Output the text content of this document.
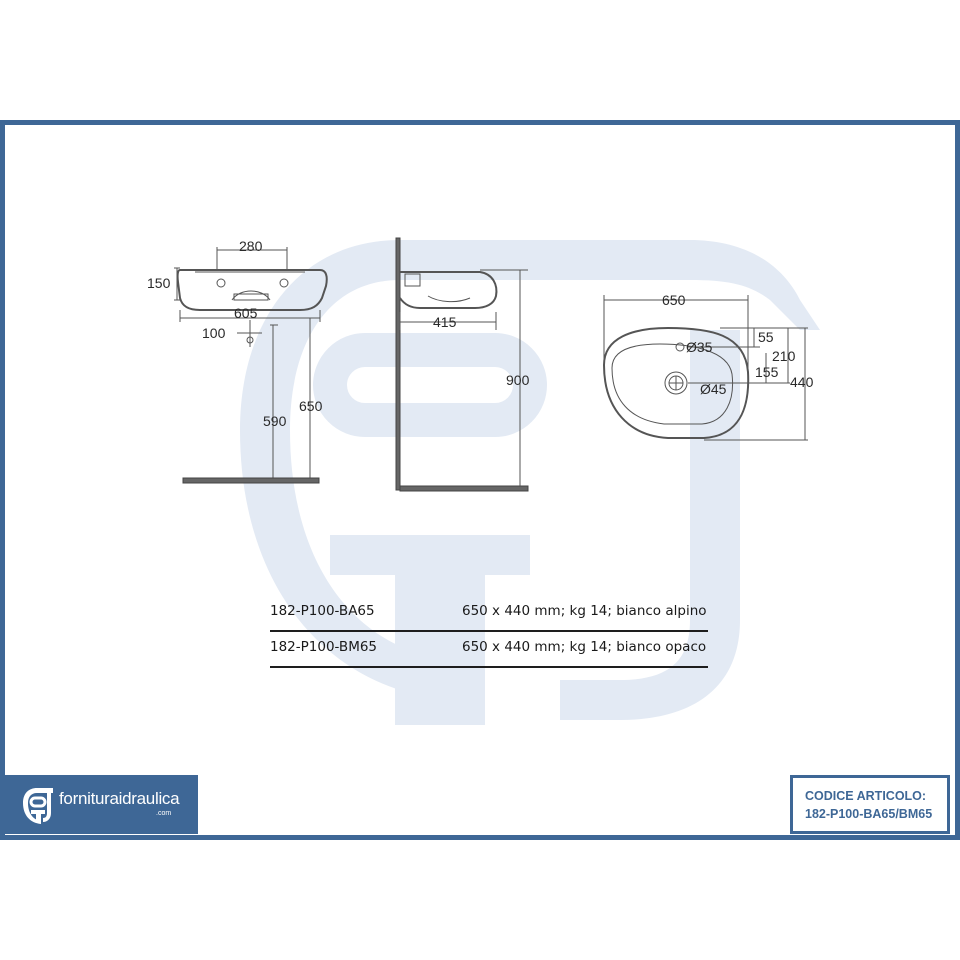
280
150
605
100
590
650
415
900
650
Ø35
Ø45
55
210
155
440
182-P100-BA65	650 x 440 mm; kg 14; bianco alpino
182-P100-BM65	650 x 440 mm; kg 14; bianco opaco
forniturаidraulica
.com
CODICE ARTICOLO:
182-P100-BA65/BM65
